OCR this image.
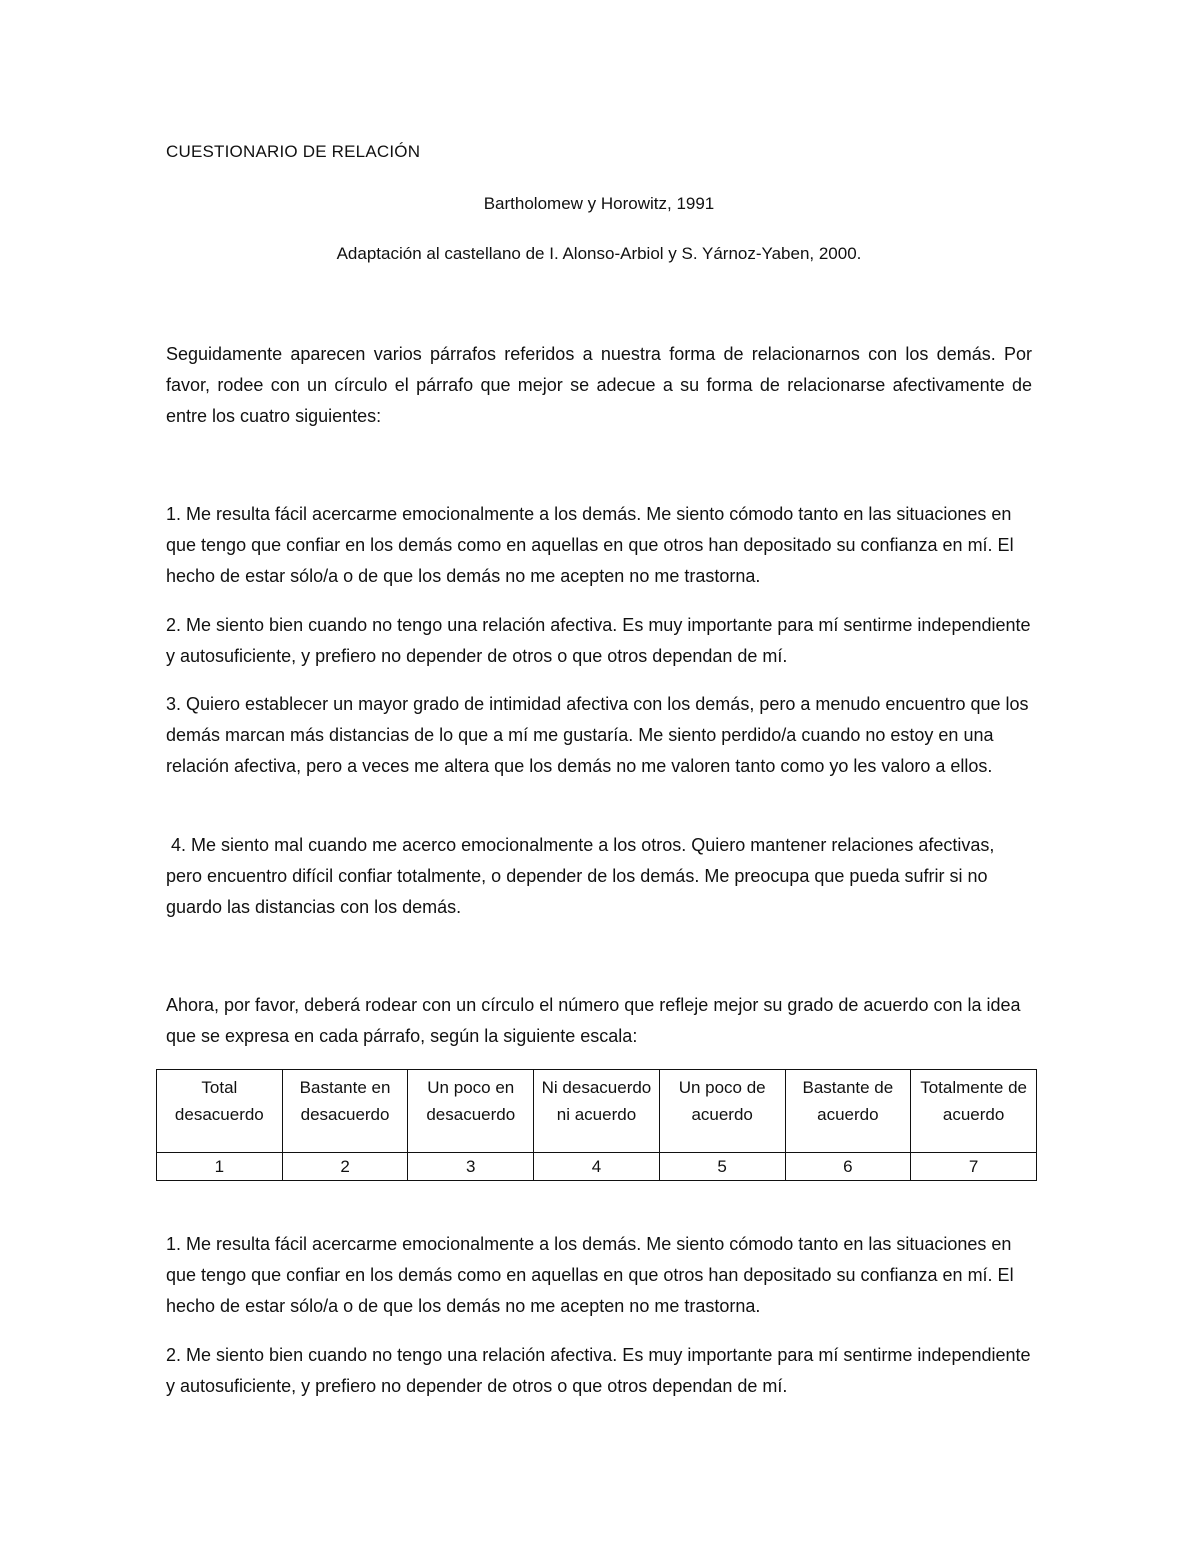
CUESTIONARIO DE RELACIÓN
Bartholomew y Horowitz, 1991
Adaptación al castellano de I. Alonso-Arbiol y S. Yárnoz-Yaben, 2000.

Seguidamente aparecen varios párrafos referidos a nuestra forma de relacionarnos con los demás. Por favor, rodee con un círculo el párrafo que mejor se adecue a su forma de relacionarse afectivamente de entre los cuatro siguientes:

1. Me resulta fácil acercarme emocionalmente a los demás. Me siento cómodo tanto en las situaciones en que tengo que confiar en los demás como en aquellas en que otros han depositado su confianza en mí. El hecho de estar sólo/a o de que los demás no me acepten no me trastorna.

2. Me siento bien cuando no tengo una relación afectiva. Es muy importante para mí sentirme independiente y autosuficiente, y prefiero no depender de otros o que otros dependan de mí.

3. Quiero establecer un mayor grado de intimidad afectiva con los demás, pero a menudo encuentro que los demás marcan más distancias de lo que a mí me gustaría. Me siento perdido/a cuando no estoy en una relación afectiva, pero a veces me altera que los demás no me valoren tanto como yo les valoro a ellos.

4. Me siento mal cuando me acerco emocionalmente a los otros. Quiero mantener relaciones afectivas, pero encuentro difícil confiar totalmente, o depender de los demás. Me preocupa que pueda sufrir si no guardo las distancias con los demás.

Ahora, por favor, deberá rodear con un círculo el número que refleje mejor su grado de acuerdo con la idea que se expresa en cada párrafo, según la siguiente escala:

Total desacuerdo	Bastante en desacuerdo	Un poco en desacuerdo	Ni desacuerdo ni acuerdo	Un poco de acuerdo	Bastante de acuerdo	Totalmente de acuerdo
1	2	3	4	5	6	7

1. Me resulta fácil acercarme emocionalmente a los demás. Me siento cómodo tanto en las situaciones en que tengo que confiar en los demás como en aquellas en que otros han depositado su confianza en mí. El hecho de estar sólo/a o de que los demás no me acepten no me trastorna.

2. Me siento bien cuando no tengo una relación afectiva. Es muy importante para mí sentirme independiente y autosuficiente, y prefiero no depender de otros o que otros dependan de mí.
